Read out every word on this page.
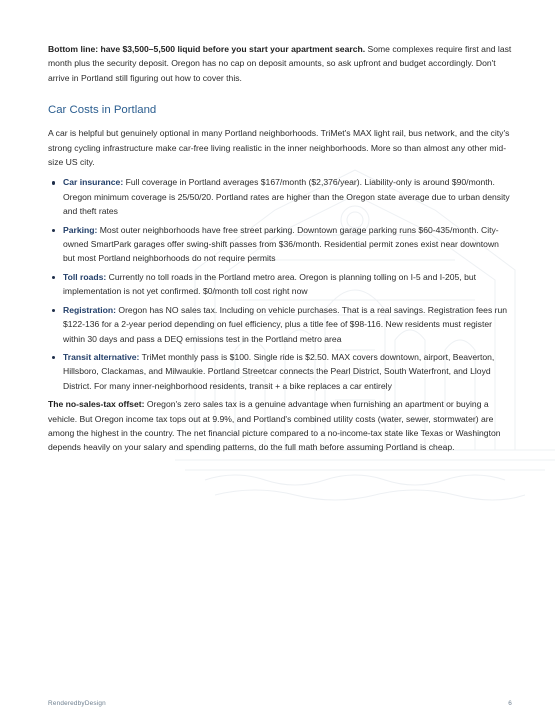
Bottom line: have $3,500–5,500 liquid before you start your apartment search. Some complexes require first and last month plus the security deposit. Oregon has no cap on deposit amounts, so ask upfront and budget accordingly. Don't arrive in Portland still figuring out how to cover this.

Car Costs in Portland

A car is helpful but genuinely optional in many Portland neighborhoods. TriMet's MAX light rail, bus network, and the city's strong cycling infrastructure make car-free living realistic in the inner neighborhoods. More so than almost any other mid-size US city.

Car insurance: Full coverage in Portland averages $167/month ($2,376/year). Liability-only is around $90/month. Oregon minimum coverage is 25/50/20. Portland rates are higher than the Oregon state average due to urban density and theft rates
Parking: Most outer neighborhoods have free street parking. Downtown garage parking runs $60-435/month. City-owned SmartPark garages offer swing-shift passes from $36/month. Residential permit zones exist near downtown but most Portland neighborhoods do not require permits
Toll roads: Currently no toll roads in the Portland metro area. Oregon is planning tolling on I-5 and I-205, but implementation is not yet confirmed. $0/month toll cost right now
Registration: Oregon has NO sales tax. Including on vehicle purchases. That is a real savings. Registration fees run $122-136 for a 2-year period depending on fuel efficiency, plus a title fee of $98-116. New residents must register within 30 days and pass a DEQ emissions test in the Portland metro area
Transit alternative: TriMet monthly pass is $100. Single ride is $2.50. MAX covers downtown, airport, Beaverton, Hillsboro, Clackamas, and Milwaukie. Portland Streetcar connects the Pearl District, South Waterfront, and Lloyd District. For many inner-neighborhood residents, transit + a bike replaces a car entirely

The no-sales-tax offset: Oregon's zero sales tax is a genuine advantage when furnishing an apartment or buying a vehicle. But Oregon income tax tops out at 9.9%, and Portland's combined utility costs (water, sewer, stormwater) are among the highest in the country. The net financial picture compared to a no-income-tax state like Texas or Washington depends heavily on your salary and spending patterns, do the full math before assuming Portland is cheap.

RenderedbyDesign	6
